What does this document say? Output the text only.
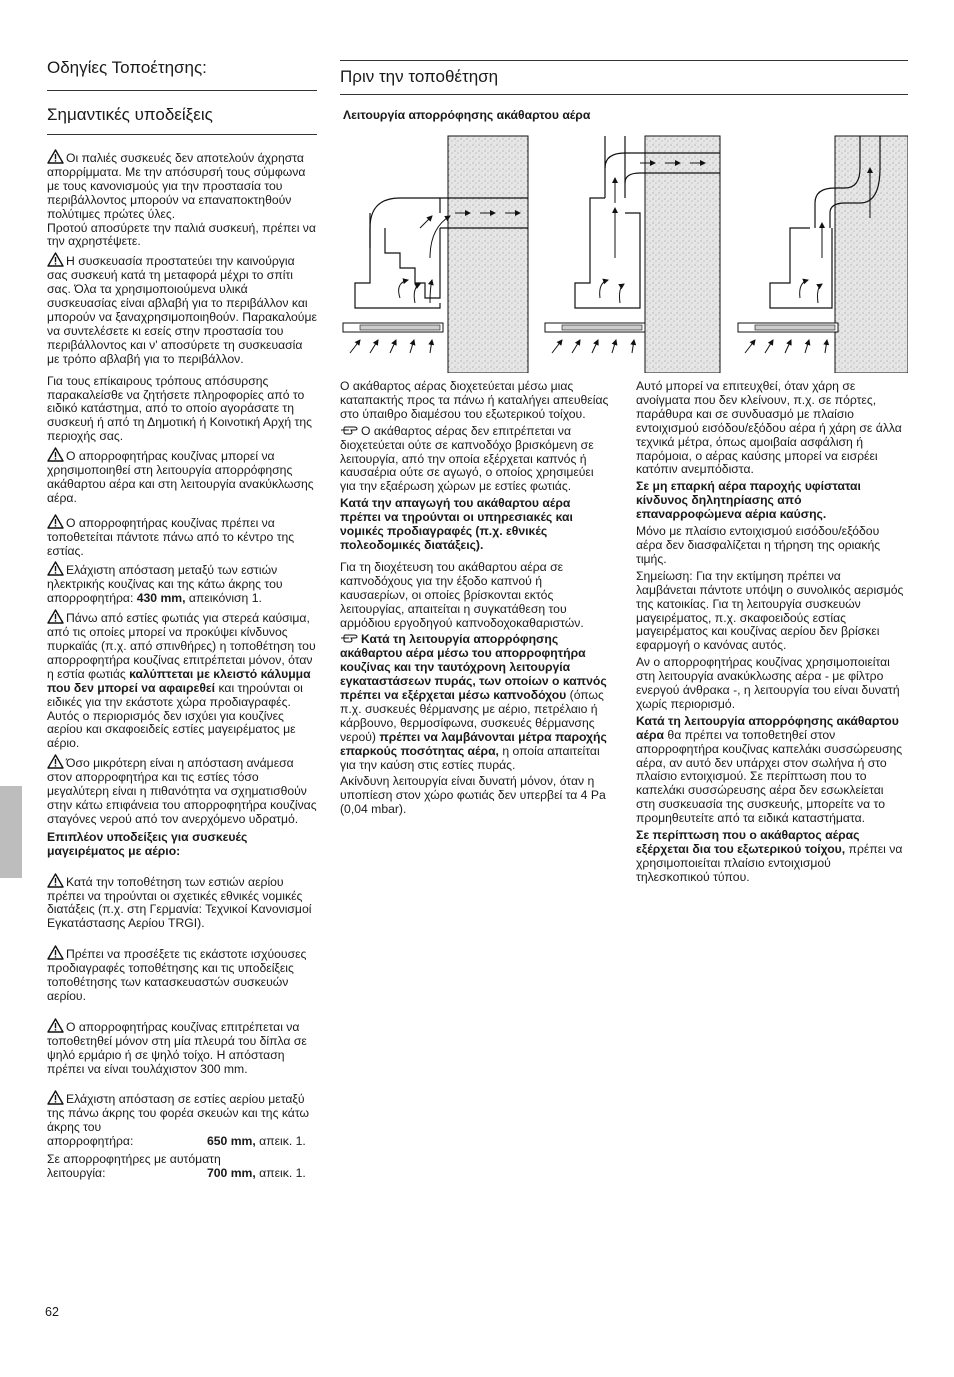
Οδηγίες Τοποέτησης:
Σημαντικές υποδείξεις

Οι παλιές συσκευές δεν αποτελούν άχρηστα απορρίμματα. Με την απόσυρσή τους σύμφωνα με τους κανονισμούς για την προστασία του περιβάλλοντος μπορούν να επαναποκτηθούν πολύτιμες πρώτες ύλες.
Προτού αποσύρετε την παλιά συσκευή, πρέπει να την αχρηστέψετε.

Η συσκευασία προστατεύει την καινούργια σας συσκευή κατά τη μεταφορά μέχρι το σπίτι σας. Όλα τα χρησιμοποιούμενα υλικά συσκευασίας είναι αβλαβή για το περιβάλλον και μπορούν να ξαναχρησιμοποιηθούν. Παρακαλούμε να συντελέσετε κι εσείς στην προστασία του περιβάλλοντος και ν' αποσύρετε τη συσκευασία με τρόπο αβλαβή για το περιβάλλον.

Για τους επίκαιρους τρόπους απόσυρσης παρακαλείσθε να ζητήσετε πληροφορίες από το ειδικό κατάστημα, από το οποίο αγοράσατε τη συσκευή ή από τη Δημοτική ή Κοινοτική Αρχή της περιοχής σας.

Ο απορροφητήρας κουζίνας μπορεί να χρησιμοποιηθεί στη λειτουργία απορρόφησης ακάθαρτου αέρα και στη λειτουργία ανακύκλωσης αέρα.

Ο απορροφητήρας κουζίνας πρέπει να τοποθετείται πάντοτε πάνω από το κέντρο της εστίας.

Ελάχιστη απόσταση μεταξύ των εστιών ηλεκτρικής κουζίνας και της κάτω άκρης του απορροφητήρα: 430 mm, απεικόνιση 1.

Πάνω από εστίες φωτιάς για στερεά καύσιμα, από τις οποίες μπορεί να προκύψει κίνδυνος πυρκαϊάς (π.χ. από σπινθήρες) η τοποθέτηση του απορροφητήρα κουζίνας επιτρέπεται μόνον, όταν η εστία φωτιάς καλύπτεται με κλειστό κάλυμμα που δεν μπορεί να αφαιρεθεί και τηρούνται οι ειδικές για την εκάστοτε χώρα προδιαγραφές. Αυτός ο περιορισμός δεν ισχύει για κουζίνες αερίου και σκαφοειδείς εστίες μαγειρέματος με αέριο.

Όσο μικρότερη είναι η απόσταση ανάμεσα στον απορροφητήρα και τις εστίες τόσο μεγαλύτερη είναι η πιθανότητα να σχηματισθούν στην κάτω επιφάνεια του απορροφητήρα κουζίνας σταγόνες νερού από τον ανερχόμενο υδρατμό.

Επιπλέον υποδείξεις για συσκευές μαγειρέματος με αέριο:

Κατά την τοποθέτηση των εστιών αερίου πρέπει να τηρούνται οι σχετικές εθνικές νομικές διατάξεις (π.χ. στη Γερμανία: Τεχνικοί Κανονισμοί Εγκατάστασης Αερίου TRGI).

Πρέπει να προσέξετε τις εκάστοτε ισχύουσες προδιαγραφές τοποθέτησης και τις υποδείξεις τοποθέτησης των κατασκευαστών συσκευών αερίου.

Ο απορροφητήρας κουζίνας επιτρέπεται να τοποθετηθεί μόνον στη μία πλευρά του δίπλα σε ψηλό ερμάριο ή σε ψηλό τοίχο. Η απόσταση πρέπει να είναι τουλάχιστον 300 mm.

Ελάχιστη απόσταση σε εστίες αερίου μεταξύ της πάνω άκρης του φορέα σκευών και της κάτω άκρης του

απορροφητήρα:	650 mm, απεικ. 1.
Σε απορροφητήρες με αυτόματη
λειτουργία:	700 mm, απεικ. 1.
Πριν την τοποθέτηση
Λειτουργία απορρόφησης ακάθαρτου αέρα

Ο ακάθαρτος αέρας διοχετεύεται μέσω μιας καταπακτής προς τα πάνω ή καταλήγει απευθείας στο ύπαιθρο διαμέσου του εξωτερικού τοίχου.

Ο ακάθαρτος αέρας δεν επιτρέπεται να διοχετεύεται ούτε σε καπνοδόχο βρισκόμενη σε λειτουργία, από την οποία εξέρχεται καπνός ή καυσαέρια ούτε σε αγωγό, ο οποίος χρησιμεύει για την εξαέρωση χώρων με εστίες φωτιάς.

Κατά την απαγωγή του ακάθαρτου αέρα πρέπει να τηρούνται οι υπηρεσιακές και νομικές προδιαγραφές (π.χ. εθνικές πολεοδομικές διατάξεις).

Για τη διοχέτευση του ακάθαρτου αέρα σε καπνοδόχους για την έξοδο καπνού ή καυσαερίων, οι οποίες βρίσκονται εκτός λειτουργίας, απαιτείται η συγκατάθεση του αρμόδιου εργοδηγού καπνοδοχοκαθαριστών.

Κατά τη λειτουργία απορρόφησης ακάθαρτου αέρα μέσω του απορροφητήρα κουζίνας και την ταυτόχρονη λειτουργία εγκαταστάσεων πυράς, των οποίων ο καπνός πρέπει να εξέρχεται μέσω καπνοδόχου (όπως π.χ. συσκευές θέρμανσης με αέριο, πετρέλαιο ή κάρβουνο, θερμοσίφωνα, συσκευές θέρμανσης νερού) πρέπει να λαμβάνονται μέτρα παροχής επαρκούς ποσότητας αέρα, η οποία απαιτείται για την καύση στις εστίες πυράς.

Ακίνδυνη λειτουργία είναι δυνατή μόνον, όταν η υποπίεση στον χώρο φωτιάς δεν υπερβεί τα 4 Pa (0,04 mbar).

Αυτό μπορεί να επιτευχθεί, όταν χάρη σε ανοίγματα που δεν κλείνουν, π.χ. σε πόρτες, παράθυρα και σε συνδυασμό με πλαίσιο εντοιχισμού εισόδου/εξόδου αέρα ή χάρη σε άλλα τεχνικά μέτρα, όπως αμοιβαία ασφάλιση ή παρόμοια, ο αέρας καύσης μπορεί να εισρέει κατόπιν ανεμπόδιστα.

Σε μη επαρκή αέρα παροχής υφίσταται κίνδυνος δηλητηρίασης από επαναρροφώμενα αέρια καύσης.

Μόνο με πλαίσιο εντοιχισμού εισόδου/εξόδου αέρα δεν διασφαλίζεται η τήρηση της οριακής τιμής.

Σημείωση: Για την εκτίμηση πρέπει να λαμβάνεται πάντοτε υπόψη ο συνολικός αερισμός της κατοικίας. Για τη λειτουργία συσκευών μαγειρέματος, π.χ. σκαφοειδούς εστίας μαγειρέματος και κουζίνας αερίου δεν βρίσκει εφαρμογή ο κανόνας αυτός.

Αν ο απορροφητήρας κουζίνας χρησιμοποιείται στη λειτουργία ανακύκλωσης αέρα - με φίλτρο ενεργού άνθρακα -, η λειτουργία του είναι δυνατή χωρίς περιορισμό.

Κατά τη λειτουργία απορρόφησης ακάθαρτου αέρα θα πρέπει να τοποθετηθεί στον απορροφητήρα κουζίνας καπελάκι συσσώρευσης αέρα, αν αυτό δεν υπάρχει στον σωλήνα ή στο πλαίσιο εντοιχισμού. Σε περίπτωση που το καπελάκι συσσώρευσης αέρα δεν εσωκλείεται στη συσκευασία της συσκευής, μπορείτε να το προμηθευτείτε από τα ειδικά καταστήματα.

Σε περίπτωση που ο ακάθαρτος αέρας εξέρχεται δια του εξωτερικού τοίχου, πρέπει να χρησιμοποιείται πλαίσιο εντοιχισμού τηλεσκοπικού τύπου.

62
